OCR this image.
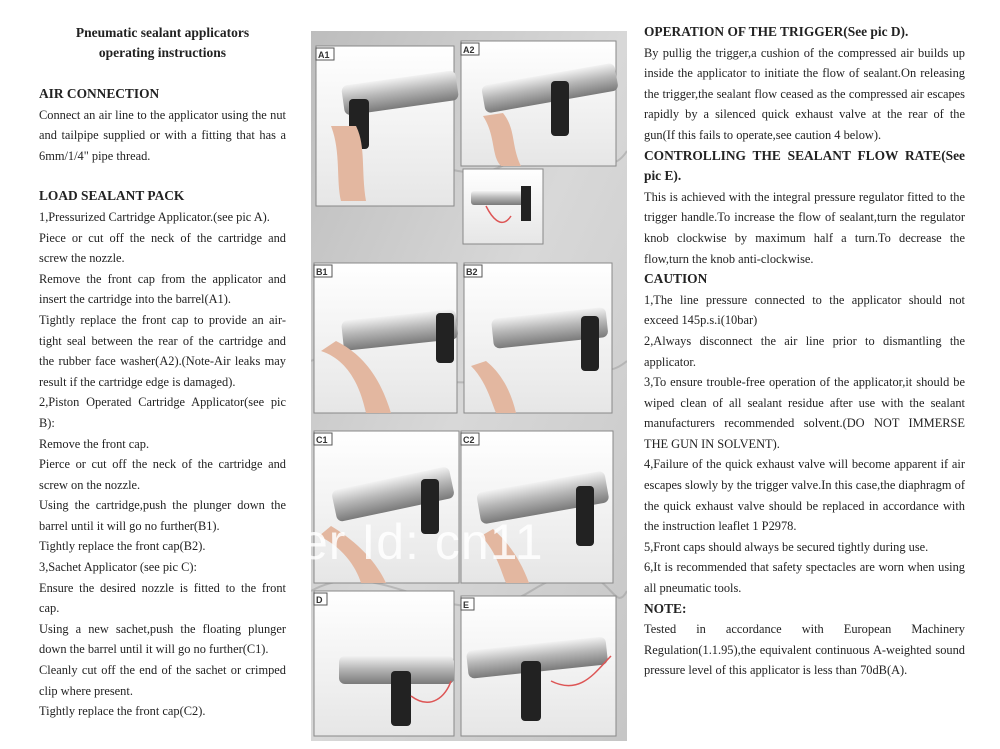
Pneumatic sealant applicators
operating instructions

AIR CONNECTION

Connect an air line to the applicator using the nut and tailpipe supplied or with a fitting that has a 6mm/1/4" pipe thread.

LOAD SEALANT PACK

1,Pressurized Cartridge Applicator.(see pic A).

Piece or cut off the neck of the cartridge and screw the nozzle.

Remove the front cap from the applicator and insert the cartridge into the barrel(A1).

Tightly replace the front cap to provide an air-tight seal between the rear of the cartridge and the rubber face washer(A2).(Note-Air leaks may result if the cartridge edge is damaged).

2,Piston Operated Cartridge Applicator(see pic B):

Remove the front cap.

Pierce or cut off the neck of the cartridge and screw on the nozzle.

Using the cartridge,push the plunger down the barrel until it will go no further(B1).

Tightly replace the front cap(B2).

3,Sachet Applicator (see pic C):

Ensure the desired nozzle is fitted to the front cap.

Using a new sachet,push the floating plunger down the barrel until it will go no further(C1).

Cleanly cut off the end of the sachet or crimped clip where present.

Tightly replace the front cap(C2).

A1	A2
B1	B2
C1	C2
D	E
er Id: cn11

OPERATION OF THE TRIGGER(See pic D).

By pullig the trigger,a cushion of the compressed air builds up inside the applicator to initiate the flow of sealant.On releasing the trigger,the sealant flow ceased as the compressed air escapes rapidly by a silenced quick exhaust valve at the rear of the gun(If this fails to operate,see caution 4 below).

CONTROLLING THE SEALANT FLOW RATE(See pic E).

This is achieved with the integral pressure regulator fitted to the trigger handle.To increase the flow of sealant,turn the regulator knob clockwise by maximum half a turn.To decrease the flow,turn the knob anti-clockwise.

CAUTION

1,The line pressure connected to the applicator should not exceed 145p.s.i(10bar)

2,Always disconnect the air line prior to dismantling the applicator.

3,To ensure trouble-free operation of the applicator,it should be wiped clean of all sealant residue after use with the sealant manufacturers recommended solvent.(DO NOT IMMERSE THE GUN IN SOLVENT).

4,Failure of the quick exhaust valve will become apparent if air escapes slowly by the trigger valve.In this case,the diaphragm of the quick exhaust valve should be replaced in accordance with the instruction leaflet 1 P2978.

5,Front caps should always be secured tightly during use.

6,It is recommended that safety spectacles are worn when using all pneumatic tools.

NOTE:

Tested in accordance with European Machinery Regulation(1.1.95),the equivalent continuous A-weighted sound pressure level of this applicator is less than 70dB(A).
